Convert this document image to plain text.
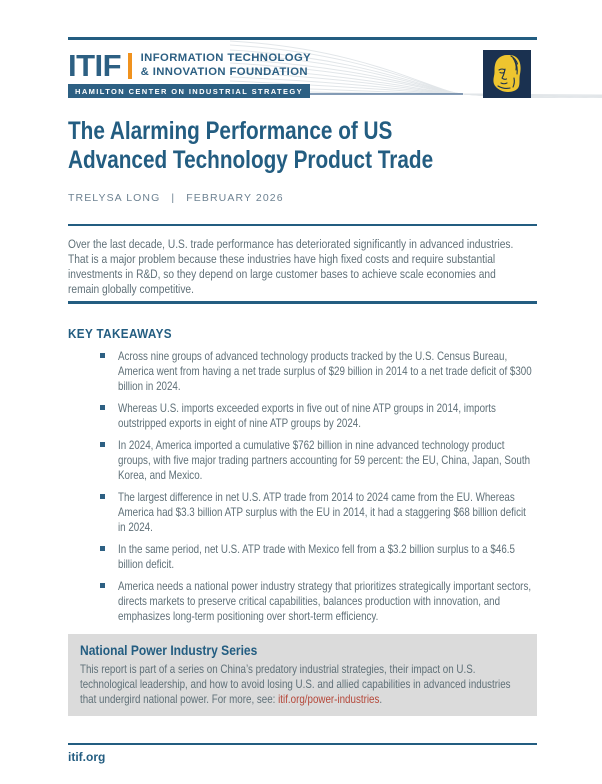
ITIF INFORMATION TECHNOLOGY
& INNOVATION FOUNDATION
HAMILTON CENTER ON INDUSTRIAL STRATEGY
The Alarming Performance of US
Advanced Technology Product Trade
TRELYSA LONG | FEBRUARY 2026

Over the last decade, U.S. trade performance has deteriorated significantly in advanced industries. That is a major problem because these industries have high fixed costs and require substantial investments in R&D, so they depend on large customer bases to achieve scale economies and remain globally competitive.

KEY TAKEAWAYS
Across nine groups of advanced technology products tracked by the U.S. Census Bureau, America went from having a net trade surplus of $29 billion in 2014 to a net trade deficit of $300 billion in 2024.
Whereas U.S. imports exceeded exports in five out of nine ATP groups in 2014, imports outstripped exports in eight of nine ATP groups by 2024.
In 2024, America imported a cumulative $762 billion in nine advanced technology product groups, with five major trading partners accounting for 59 percent: the EU, China, Japan, South Korea, and Mexico.
The largest difference in net U.S. ATP trade from 2014 to 2024 came from the EU. Whereas America had $3.3 billion ATP surplus with the EU in 2014, it had a staggering $68 billion deficit in 2024.
In the same period, net U.S. ATP trade with Mexico fell from a $3.2 billion surplus to a $46.5 billion deficit.
America needs a national power industry strategy that prioritizes strategically important sectors, directs markets to preserve critical capabilities, balances production with innovation, and emphasizes long-term positioning over short-term efficiency.
National Power Industry Series

This report is part of a series on China’s predatory industrial strategies, their impact on U.S. technological leadership, and how to avoid losing U.S. and allied capabilities in advanced industries that undergird national power. For more, see: itif.org/power-industries.

itif.org
